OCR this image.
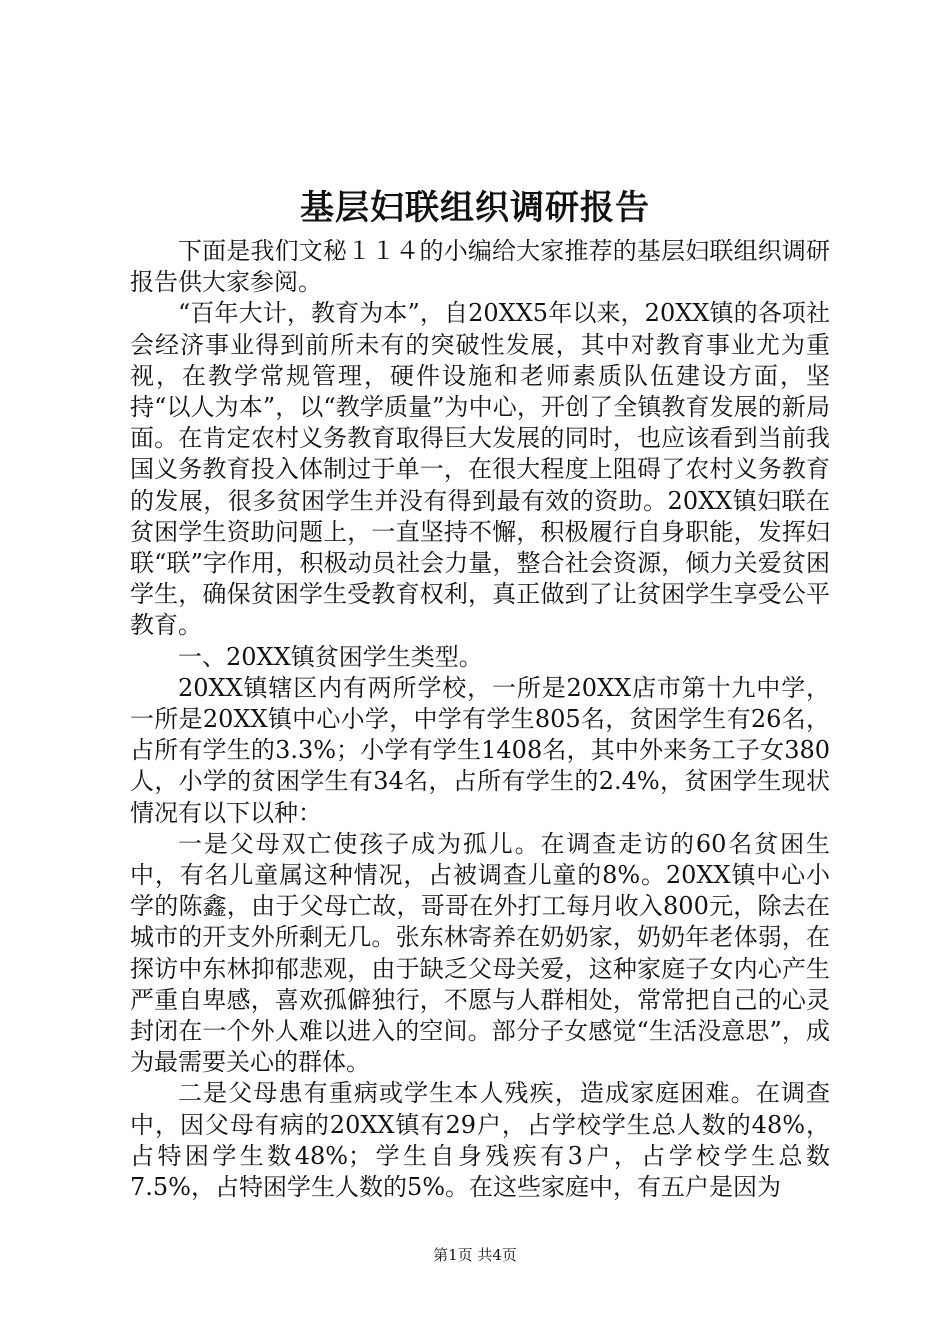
基层妇联组织调研报告

下面是我们文秘１１４的小编给大家推荐的基层妇联组织调研报告供大家参阅。

“百年大计，教育为本”，自20XX5年以来，20XX镇的各项社会经济事业得到前所未有的突破性发展，其中对教育事业尤为重视，在教学常规管理，硬件设施和老师素质队伍建设方面，坚持“以人为本”，以“教学质量”为中心，开创了全镇教育发展的新局面。在肯定农村义务教育取得巨大发展的同时，也应该看到当前我国义务教育投入体制过于单一，在很大程度上阻碍了农村义务教育的发展，很多贫困学生并没有得到最有效的资助。20XX镇妇联在贫困学生资助问题上，一直坚持不懈，积极履行自身职能，发挥妇联“联”字作用，积极动员社会力量，整合社会资源，倾力关爱贫困学生，确保贫困学生受教育权利，真正做到了让贫困学生享受公平教育。

一、20XX镇贫困学生类型。

20XX镇辖区内有两所学校，一所是20XX店市第十九中学，一所是20XX镇中心小学，中学有学生805名，贫困学生有26名，占所有学生的3.3%；小学有学生1408名，其中外来务工子女380人，小学的贫困学生有34名，占所有学生的2.4%，贫困学生现状情况有以下以种：

一是父母双亡使孩子成为孤儿。在调查走访的60名贫困生中，有名儿童属这种情况，占被调查儿童的8%。20XX镇中心小学的陈鑫，由于父母亡故，哥哥在外打工每月收入800元，除去在城市的开支外所剩无几。张东林寄养在奶奶家，奶奶年老体弱，在探访中东林抑郁悲观，由于缺乏父母关爱，这种家庭子女内心产生严重自卑感，喜欢孤僻独行，不愿与人群相处，常常把自己的心灵封闭在一个外人难以进入的空间。部分子女感觉“生活没意思”，成为最需要关心的群体。

二是父母患有重病或学生本人残疾，造成家庭困难。在调查中，因父母有病的20XX镇有29户，占学校学生总人数的48%，占特困学生数48%；学生自身残疾有3户，占学校学生总数7.5%，占特困学生人数的5%。在这些家庭中，有五户是因为

第1页 共4页
